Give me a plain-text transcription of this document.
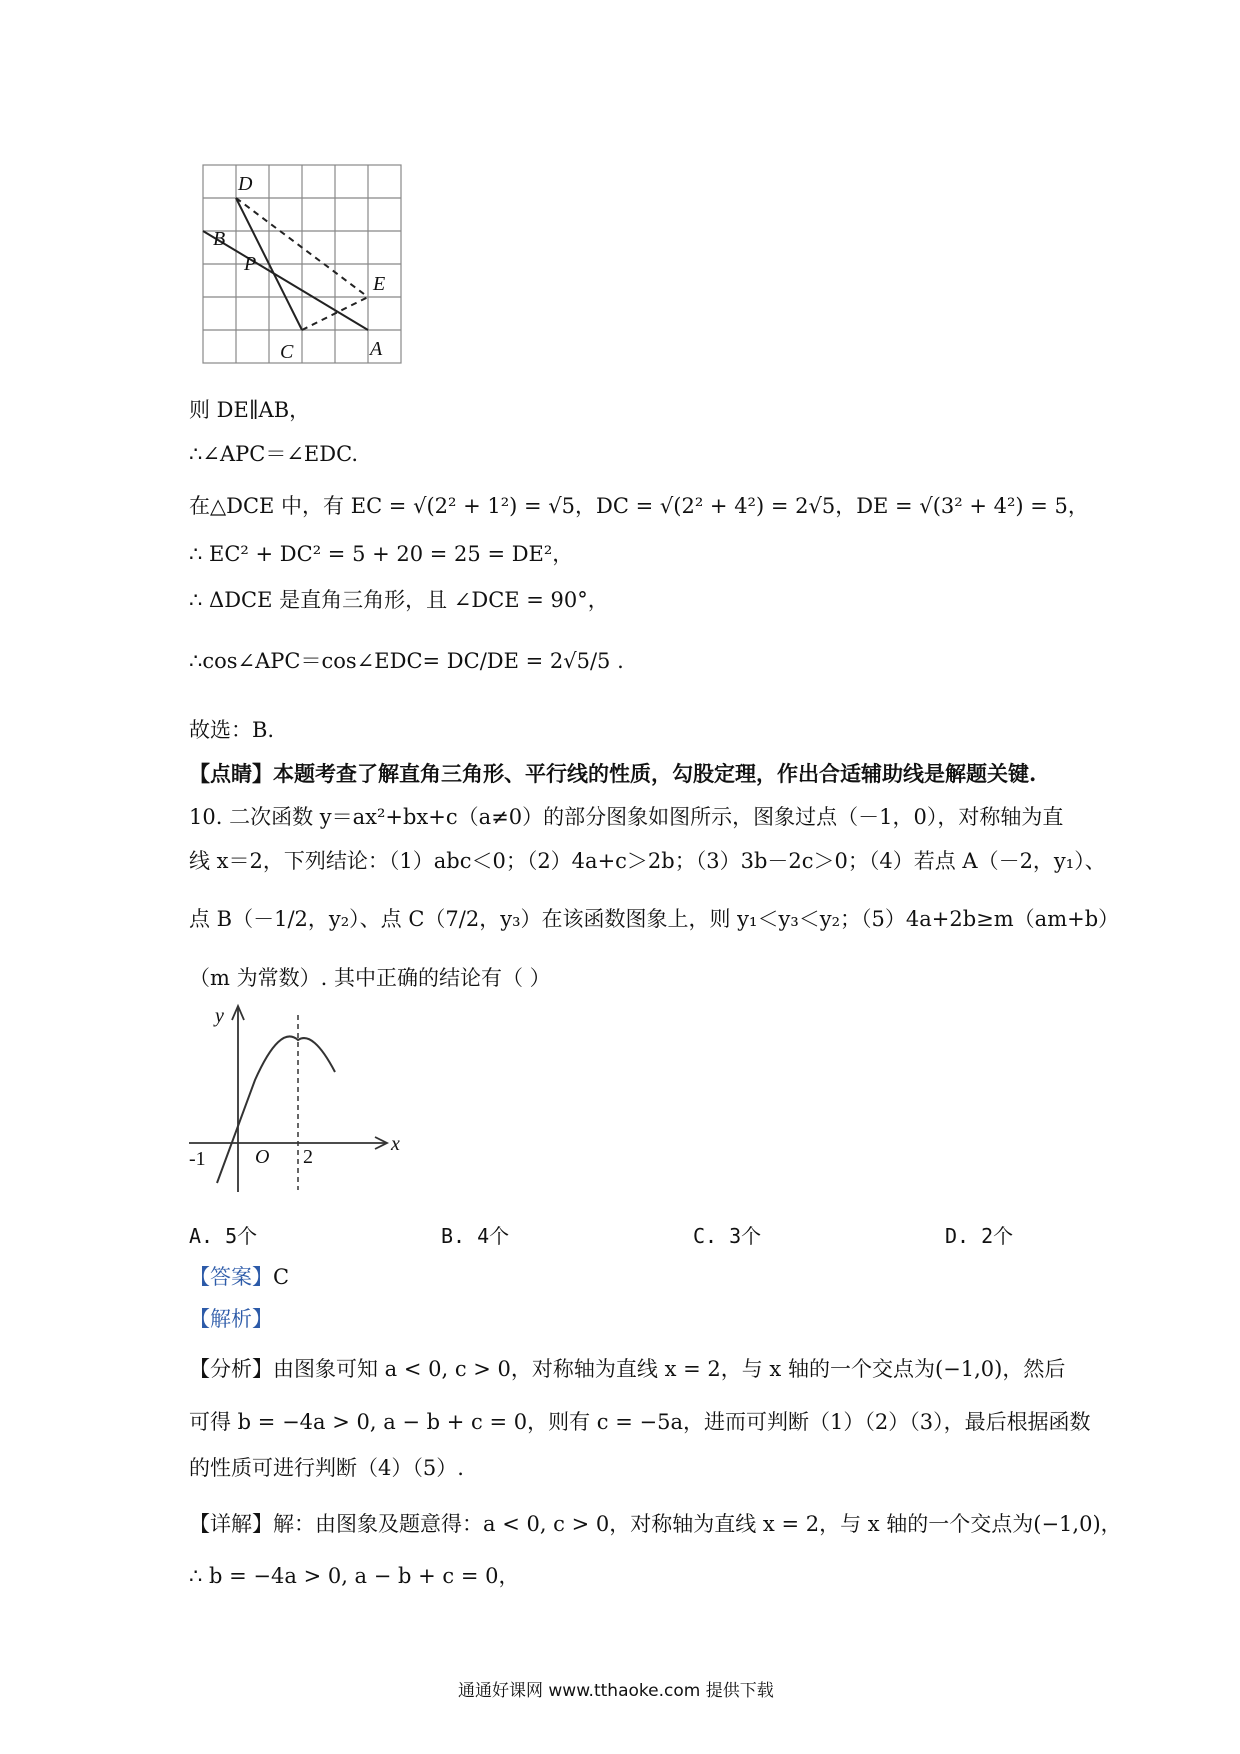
D
B
P
E
C	A
则 DE∥AB，
∴∠APC＝∠EDC.
在△DCE 中，有 EC = √(2² + 1²) = √5，DC = √(2² + 4²) = 2√5，DE = √(3² + 4²) = 5，
∴ EC² + DC² = 5 + 20 = 25 = DE²，
∴ ΔDCE 是直角三角形，且 ∠DCE = 90°，
∴cos∠APC＝cos∠EDC= DC/DE = 2√5/5 .
故选：B.
【点睛】本题考查了解直角三角形、平行线的性质，勾股定理，作出合适辅助线是解题关键.
10. 二次函数 y＝ax²+bx+c（a≠0）的部分图象如图所示，图象过点（－1，0），对称轴为直
线 x＝2，下列结论：（1）abc＜0；（2）4a+c＞2b；（3）3b－2c＞0；（4）若点 A（－2，y₁）、
点 B（－1/2，y₂）、点 C（7/2，y₃）在该函数图象上，则 y₁＜y₃＜y₂；（5）4a+2b≥m（am+b）
（m 为常数）. 其中正确的结论有（ ）
y
x
-1 O 2
A. 5个	B. 4个	C. 3个	D. 2个
【答案】C
【解析】
【分析】由图象可知 a < 0, c > 0，对称轴为直线 x = 2，与 x 轴的一个交点为(−1,0)，然后
可得 b = −4a > 0, a − b + c = 0，则有 c = −5a，进而可判断（1）（2）（3），最后根据函数
的性质可进行判断（4）（5）.
【详解】解：由图象及题意得：a < 0, c > 0，对称轴为直线 x = 2，与 x 轴的一个交点为(−1,0)，
∴ b = −4a > 0, a − b + c = 0，
通通好课网 www.tthaoke.com 提供下载
